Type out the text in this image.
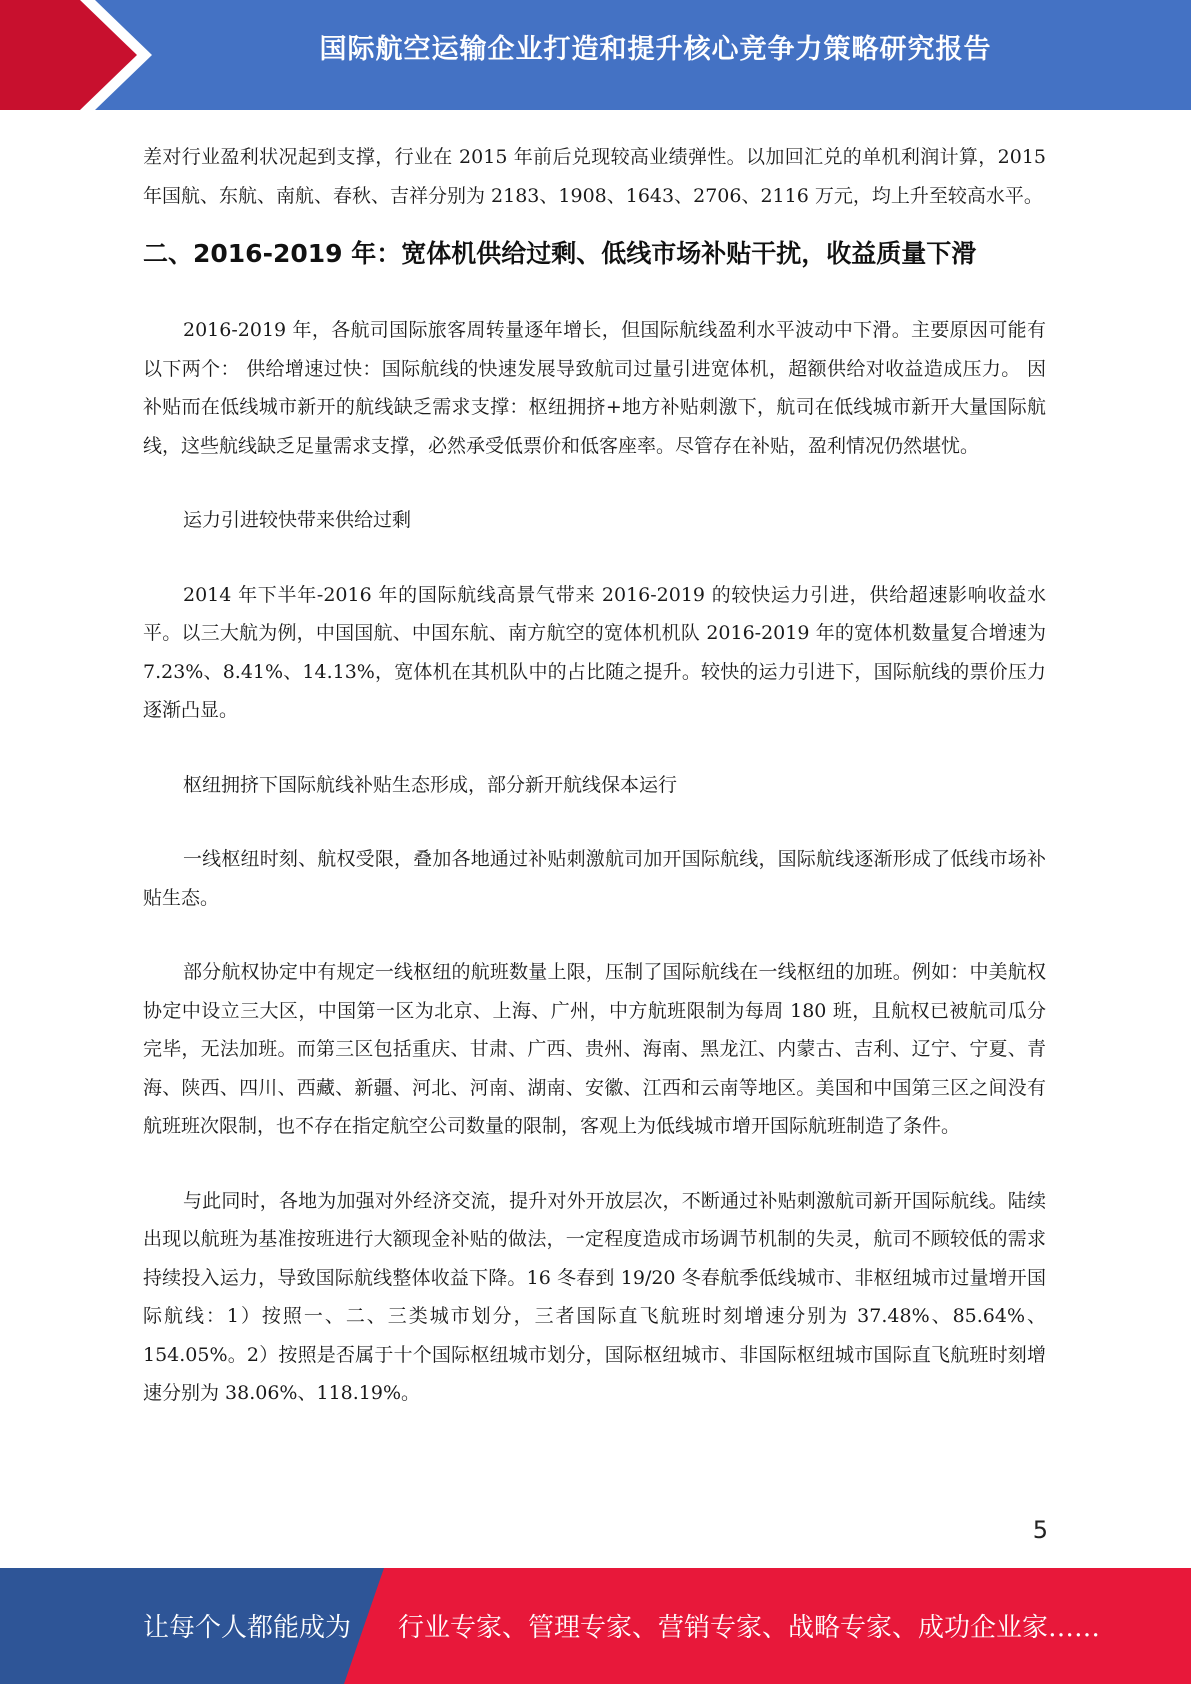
国际航空运输企业打造和提升核心竞争力策略研究报告

差对行业盈利状况起到支撑，行业在 2015 年前后兑现较高业绩弹性。以加回汇兑的单机利润计算，2015 年国航、东航、南航、春秋、吉祥分别为 2183、1908、1643、2706、2116 万元，均上升至较高水平。

二、2016-2019 年：宽体机供给过剩、低线市场补贴干扰，收益质量下滑

2016-2019 年，各航司国际旅客周转量逐年增长，但国际航线盈利水平波动中下滑。主要原因可能有以下两个： 供给增速过快：国际航线的快速发展导致航司过量引进宽体机，超额供给对收益造成压力。 因补贴而在低线城市新开的航线缺乏需求支撑：枢纽拥挤+地方补贴刺激下，航司在低线城市新开大量国际航线，这些航线缺乏足量需求支撑，必然承受低票价和低客座率。尽管存在补贴，盈利情况仍然堪忧。

运力引进较快带来供给过剩

2014 年下半年-2016 年的国际航线高景气带来 2016-2019 的较快运力引进，供给超速影响收益水平。以三大航为例，中国国航、中国东航、南方航空的宽体机机队 2016-2019 年的宽体机数量复合增速为 7.23%、8.41%、14.13%，宽体机在其机队中的占比随之提升。较快的运力引进下，国际航线的票价压力逐渐凸显。

枢纽拥挤下国际航线补贴生态形成，部分新开航线保本运行

一线枢纽时刻、航权受限，叠加各地通过补贴刺激航司加开国际航线，国际航线逐渐形成了低线市场补贴生态。

部分航权协定中有规定一线枢纽的航班数量上限，压制了国际航线在一线枢纽的加班。例如：中美航权协定中设立三大区，中国第一区为北京、上海、广州，中方航班限制为每周 180 班，且航权已被航司瓜分完毕，无法加班。而第三区包括重庆、甘肃、广西、贵州、海南、黑龙江、内蒙古、吉利、辽宁、宁夏、青海、陕西、四川、西藏、新疆、河北、河南、湖南、安徽、江西和云南等地区。美国和中国第三区之间没有航班班次限制，也不存在指定航空公司数量的限制，客观上为低线城市增开国际航班制造了条件。

与此同时，各地为加强对外经济交流，提升对外开放层次，不断通过补贴刺激航司新开国际航线。陆续出现以航班为基准按班进行大额现金补贴的做法，一定程度造成市场调节机制的失灵，航司不顾较低的需求持续投入运力，导致国际航线整体收益下降。16 冬春到 19/20 冬春航季低线城市、非枢纽城市过量增开国际航线：1）按照一、二、三类城市划分，三者国际直飞航班时刻增速分别为 37.48%、85.64%、154.05%。2）按照是否属于十个国际枢纽城市划分，国际枢纽城市、非国际枢纽城市国际直飞航班时刻增速分别为 38.06%、118.19%。

5
让每个人都能成为 行业专家、管理专家、营销专家、战略专家、成功企业家……
